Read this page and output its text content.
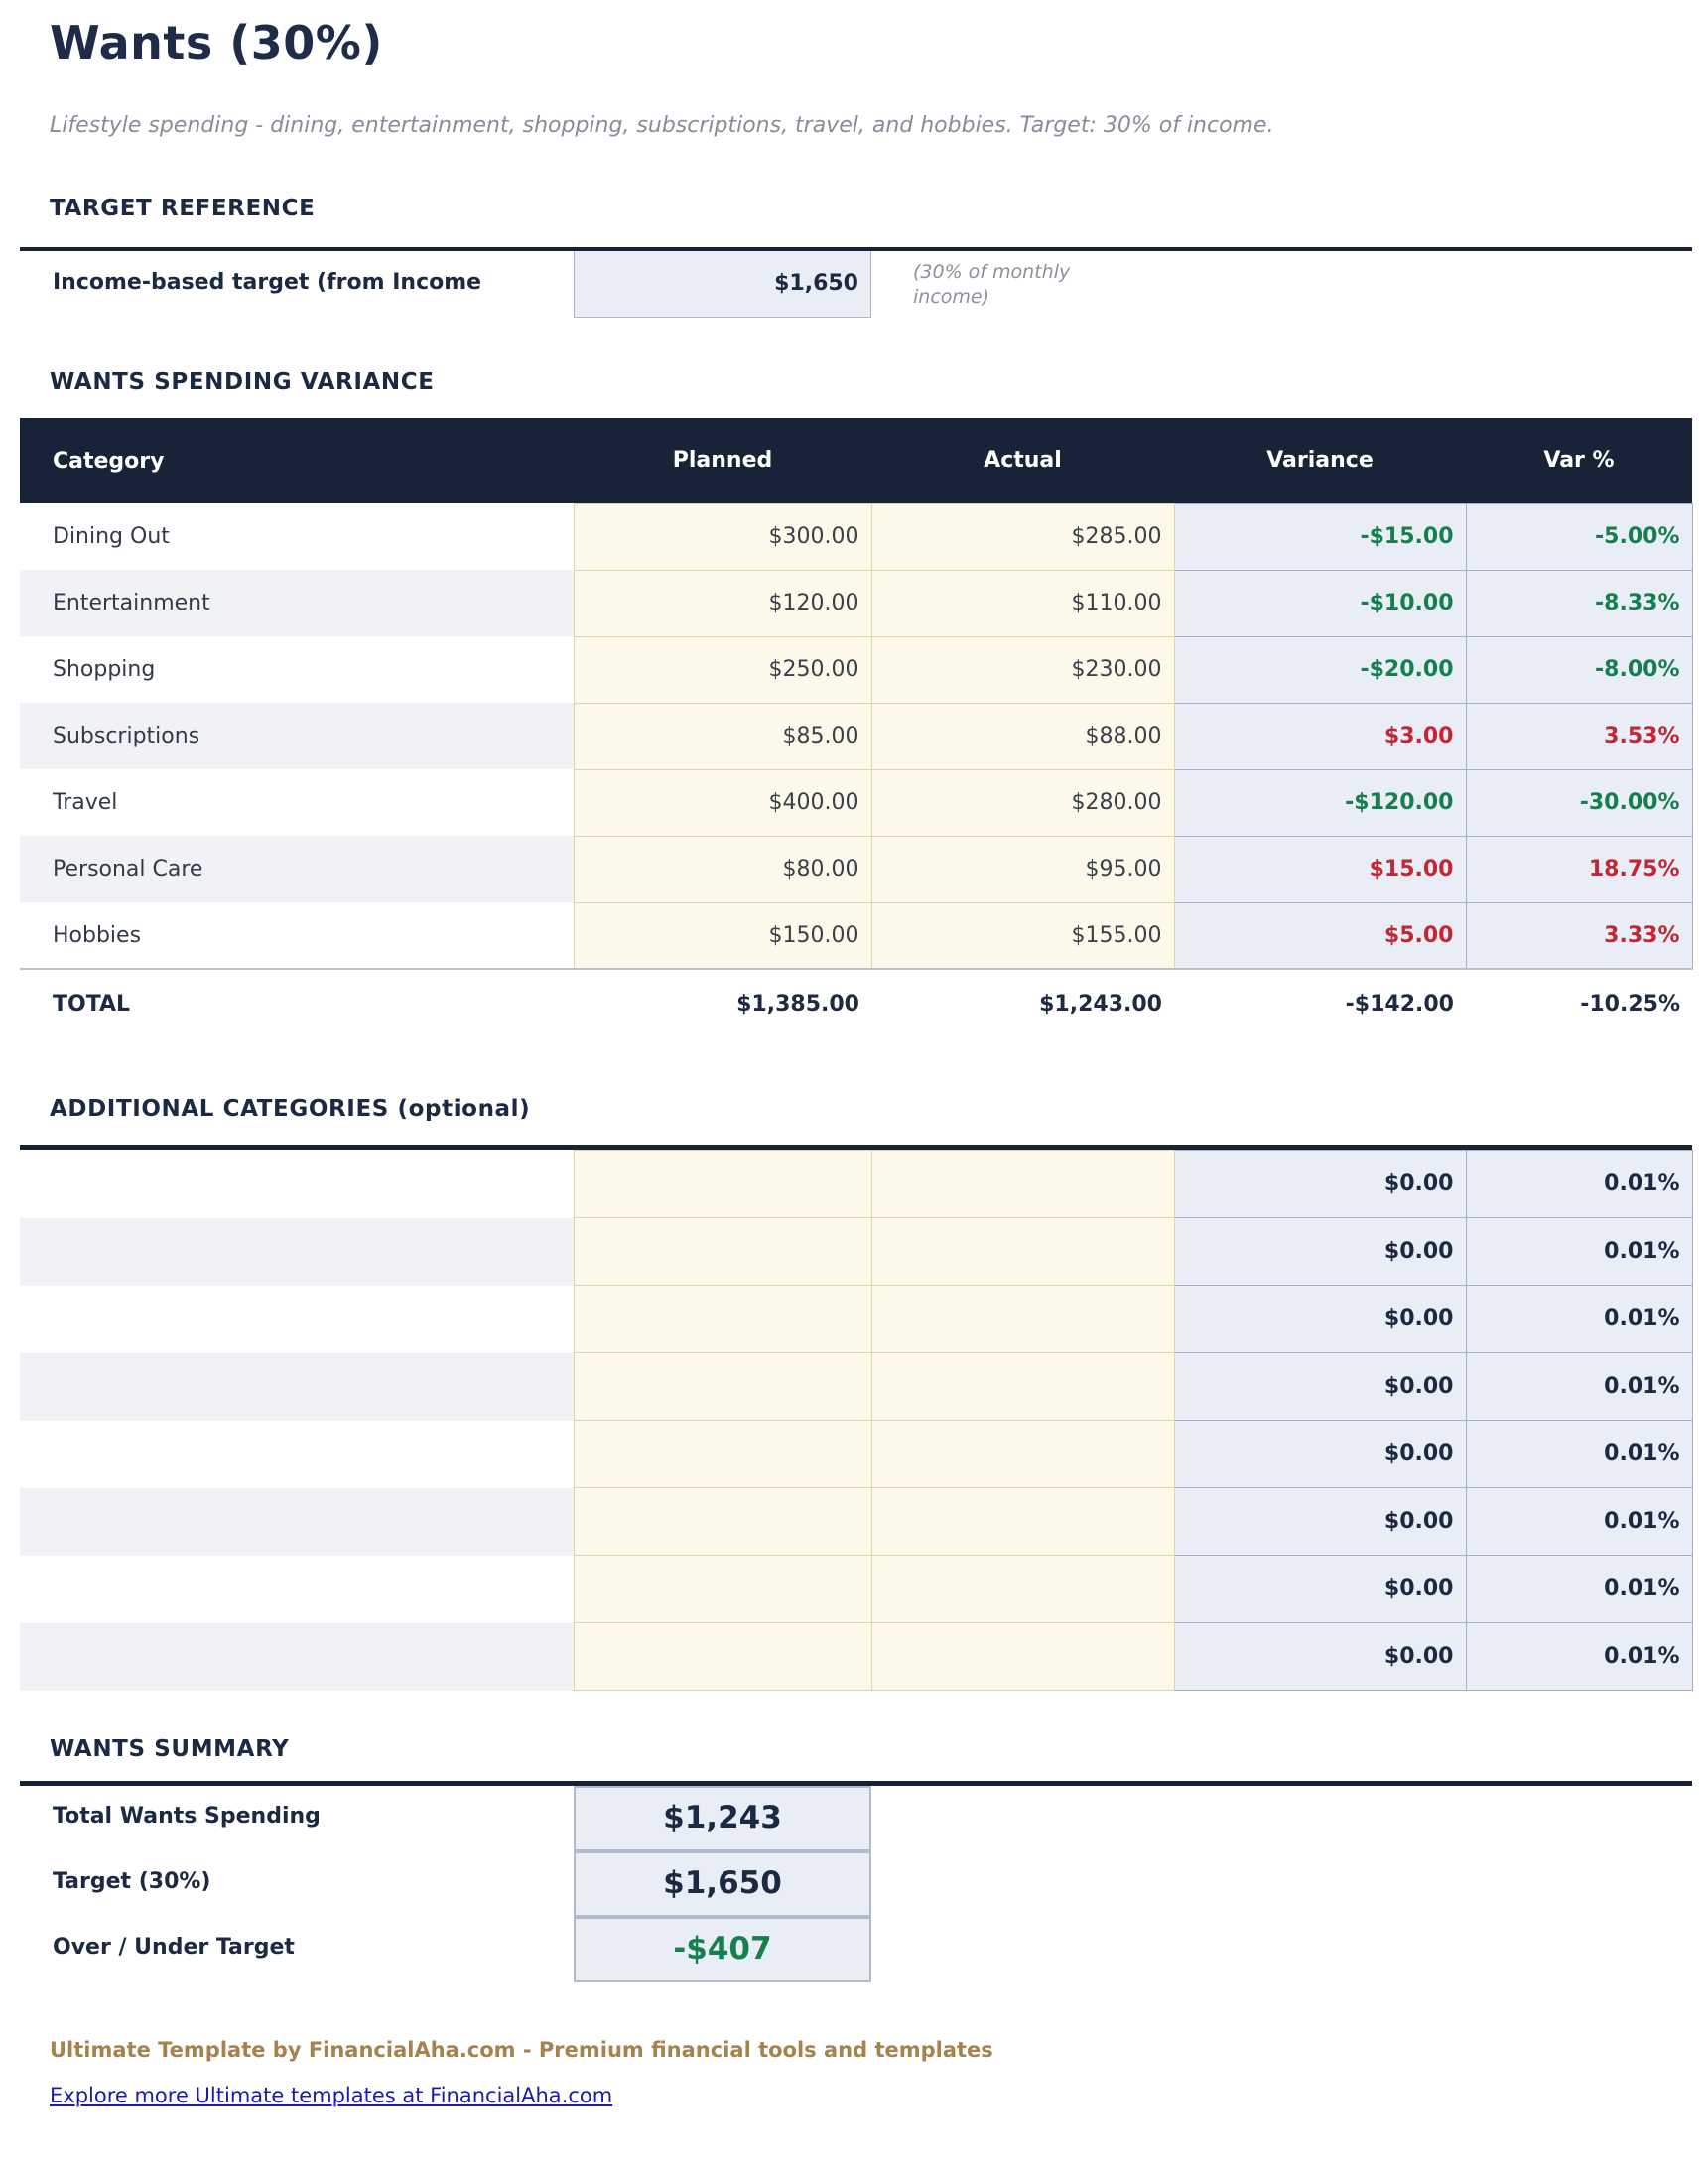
Wants (30%)
Lifestyle spending - dining, entertainment, shopping, subscriptions, travel, and hobbies. Target: 30% of income.
TARGET REFERENCE
Income-based target (from Income	$1,650	(30% of monthly income)
WANTS SPENDING VARIANCE
Category	Planned	Actual	Variance	Var %
Dining Out	$300.00	$285.00	-$15.00	-5.00%
Entertainment	$120.00	$110.00	-$10.00	-8.33%
Shopping	$250.00	$230.00	-$20.00	-8.00%
Subscriptions	$85.00	$88.00	$3.00	3.53%
Travel	$400.00	$280.00	-$120.00	-30.00%
Personal Care	$80.00	$95.00	$15.00	18.75%
Hobbies	$150.00	$155.00	$5.00	3.33%
TOTAL	$1,385.00	$1,243.00	-$142.00	-10.25%
ADDITIONAL CATEGORIES (optional)
			$0.00	0.01%
			$0.00	0.01%
			$0.00	0.01%
			$0.00	0.01%
			$0.00	0.01%
			$0.00	0.01%
			$0.00	0.01%
			$0.00	0.01%
WANTS SUMMARY
Total Wants Spending	$1,243
Target (30%)	$1,650
Over / Under Target	-$407
Ultimate Template by FinancialAha.com - Premium financial tools and templates
Explore more Ultimate templates at FinancialAha.com
